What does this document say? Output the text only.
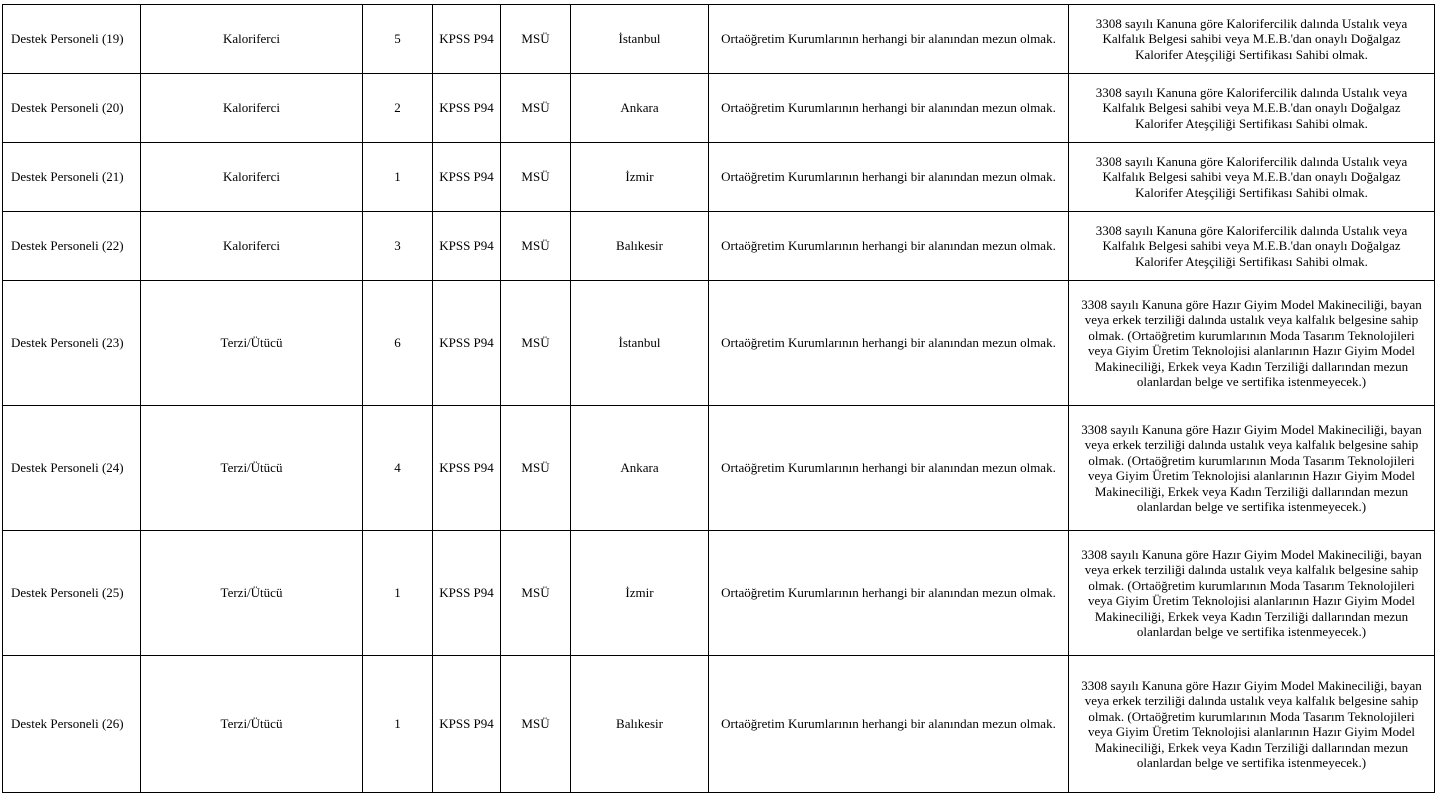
Destek Personeli (19)	Kaloriferci	5	KPSS P94	MSÜ	İstanbul	Ortaöğretim Kurumlarının herhangi bir alanından mezun olmak.	3308 sayılı Kanuna göre Kalorifercilik dalında Ustalık veya Kalfalık Belgesi sahibi veya M.E.B.'dan onaylı Doğalgaz Kalorifer Ateşçiliği Sertifikası Sahibi olmak.
Destek Personeli (20)	Kaloriferci	2	KPSS P94	MSÜ	Ankara	Ortaöğretim Kurumlarının herhangi bir alanından mezun olmak.	3308 sayılı Kanuna göre Kalorifercilik dalında Ustalık veya Kalfalık Belgesi sahibi veya M.E.B.'dan onaylı Doğalgaz Kalorifer Ateşçiliği Sertifikası Sahibi olmak.
Destek Personeli (21)	Kaloriferci	1	KPSS P94	MSÜ	İzmir	Ortaöğretim Kurumlarının herhangi bir alanından mezun olmak.	3308 sayılı Kanuna göre Kalorifercilik dalında Ustalık veya Kalfalık Belgesi sahibi veya M.E.B.'dan onaylı Doğalgaz Kalorifer Ateşçiliği Sertifikası Sahibi olmak.
Destek Personeli (22)	Kaloriferci	3	KPSS P94	MSÜ	Balıkesir	Ortaöğretim Kurumlarının herhangi bir alanından mezun olmak.	3308 sayılı Kanuna göre Kalorifercilik dalında Ustalık veya Kalfalık Belgesi sahibi veya M.E.B.'dan onaylı Doğalgaz Kalorifer Ateşçiliği Sertifikası Sahibi olmak.
Destek Personeli (23)	Terzi/Ütücü	6	KPSS P94	MSÜ	İstanbul	Ortaöğretim Kurumlarının herhangi bir alanından mezun olmak.	3308 sayılı Kanuna göre Hazır Giyim Model Makineciliği, bayan veya erkek terziliği dalında ustalık veya kalfalık belgesine sahip olmak. (Ortaöğretim kurumlarının Moda Tasarım Teknolojileri veya Giyim Üretim Teknolojisi alanlarının Hazır Giyim Model Makineciliği, Erkek veya Kadın Terziliği dallarından mezun olanlardan belge ve sertifika istenmeyecek.)
Destek Personeli (24)	Terzi/Ütücü	4	KPSS P94	MSÜ	Ankara	Ortaöğretim Kurumlarının herhangi bir alanından mezun olmak.	3308 sayılı Kanuna göre Hazır Giyim Model Makineciliği, bayan veya erkek terziliği dalında ustalık veya kalfalık belgesine sahip olmak. (Ortaöğretim kurumlarının Moda Tasarım Teknolojileri veya Giyim Üretim Teknolojisi alanlarının Hazır Giyim Model Makineciliği, Erkek veya Kadın Terziliği dallarından mezun olanlardan belge ve sertifika istenmeyecek.)
Destek Personeli (25)	Terzi/Ütücü	1	KPSS P94	MSÜ	İzmir	Ortaöğretim Kurumlarının herhangi bir alanından mezun olmak.	3308 sayılı Kanuna göre Hazır Giyim Model Makineciliği, bayan veya erkek terziliği dalında ustalık veya kalfalık belgesine sahip olmak. (Ortaöğretim kurumlarının Moda Tasarım Teknolojileri veya Giyim Üretim Teknolojisi alanlarının Hazır Giyim Model Makineciliği, Erkek veya Kadın Terziliği dallarından mezun olanlardan belge ve sertifika istenmeyecek.)
Destek Personeli (26)	Terzi/Ütücü	1	KPSS P94	MSÜ	Balıkesir	Ortaöğretim Kurumlarının herhangi bir alanından mezun olmak.	3308 sayılı Kanuna göre Hazır Giyim Model Makineciliği, bayan veya erkek terziliği dalında ustalık veya kalfalık belgesine sahip olmak. (Ortaöğretim kurumlarının Moda Tasarım Teknolojileri veya Giyim Üretim Teknolojisi alanlarının Hazır Giyim Model Makineciliği, Erkek veya Kadın Terziliği dallarından mezun olanlardan belge ve sertifika istenmeyecek.)
